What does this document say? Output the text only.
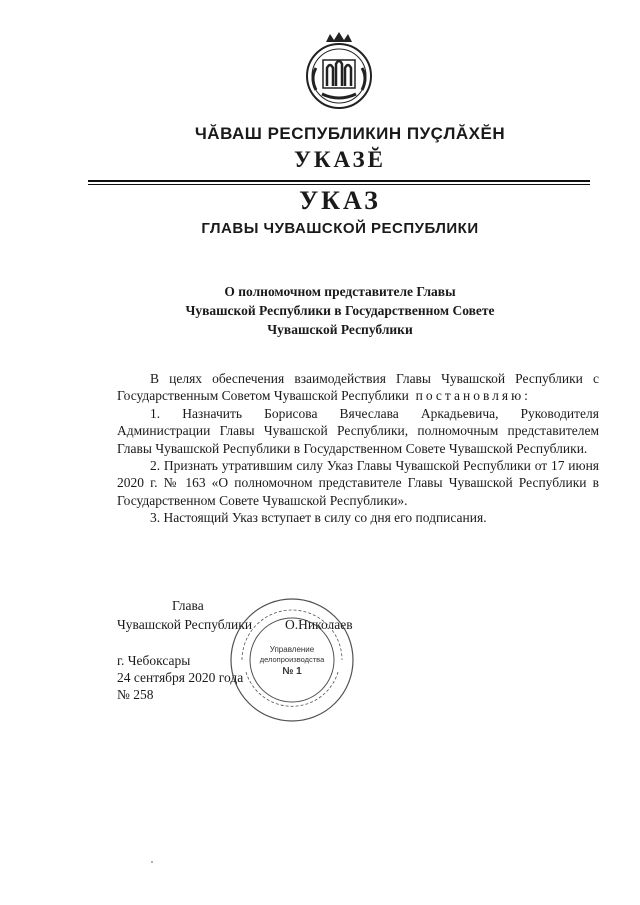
ЧĂВАШ РЕСПУБЛИКИН ПУÇЛĂХĔН
УКАЗĔ
УКАЗ
ГЛАВЫ ЧУВАШСКОЙ РЕСПУБЛИКИ
О полномочном представителе Главы
Чувашской Республики в Государственном Совете
Чувашской Республики

В целях обеспечения взаимодействия Главы Чувашской Республики с Государственным Советом Чувашской Республики постановляю:

1. Назначить Борисова Вячеслава Аркадьевича, Руководителя Администрации Главы Чувашской Республики, полномочным представителем Главы Чувашской Республики в Государственном Совете Чувашской Республики.

2. Признать утратившим силу Указ Главы Чувашской Республики от 17 июня 2020 г. № 163 «О полномочном представителе Главы Чувашской Республики в Государственном Совете Чувашской Республики».

3. Настоящий Указ вступает в силу со дня его подписания.

Глава
Чувашской Республики	О.Николаев
г. Чебоксары
24 сентября 2020 года
№ 258
Управление
делопроизводства
№ 1
